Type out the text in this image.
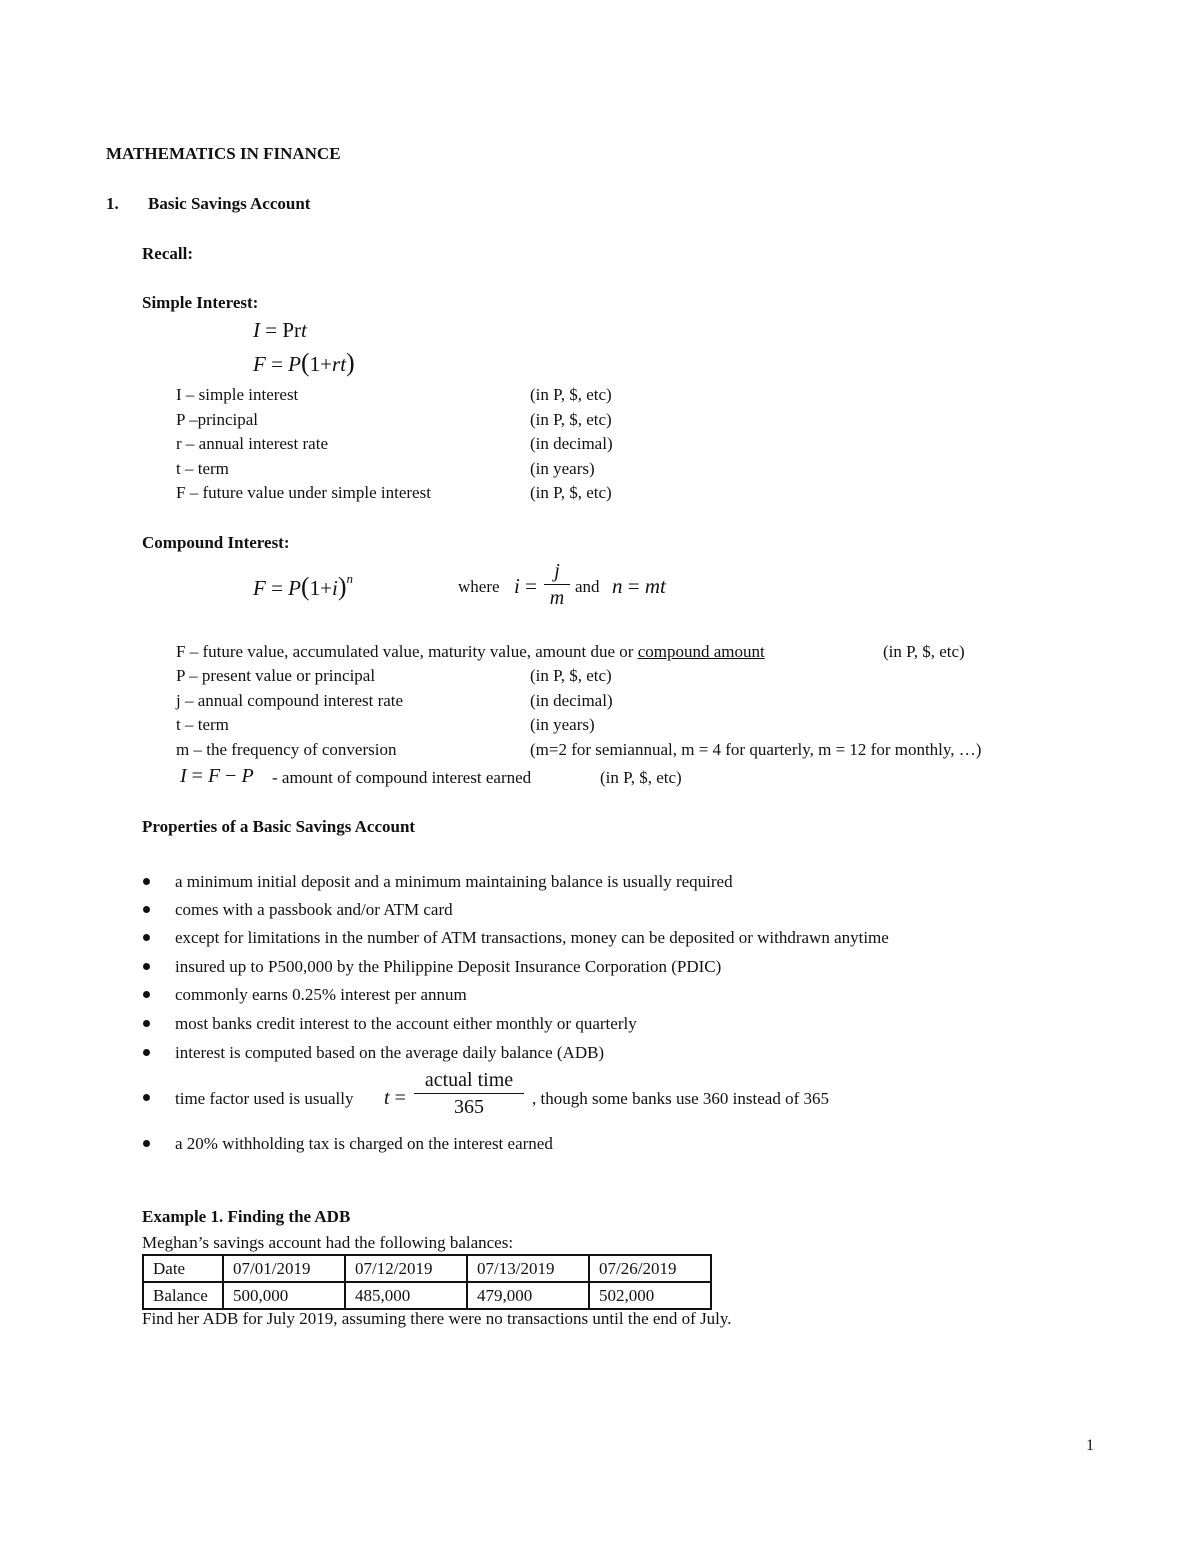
MATHEMATICS IN FINANCE
1. Basic Savings Account
Recall:
Simple Interest:
I = Prt
F = P(1+rt)
I – simple interest	(in P, $, etc)
P –principal	(in P, $, etc)
r – annual interest rate	(in decimal)
t – term	(in years)
F – future value under simple interest	(in P, $, etc)
Compound Interest:
$F = P(1+i)^n$	where i =
j
m
and n = mt
F – future value, accumulated value, maturity value, amount due or compound amount	(in P, $, etc)
P – present value or principal	(in P, $, etc)
j – annual compound interest rate	(in decimal)
t – term	(in years)
m – the frequency of conversion	(m=2 for semiannual, m = 4 for quarterly, m = 12 for monthly, …)
I = F − P - amount of compound interest earned	(in P, $, etc)
Properties of a Basic Savings Account
a minimum initial deposit and a minimum maintaining balance is usually required
comes with a passbook and/or ATM card
except for limitations in the number of ATM transactions, money can be deposited or withdrawn anytime
insured up to P500,000 by the Philippine Deposit Insurance Corporation (PDIC)
commonly earns 0.25% interest per annum
most banks credit interest to the account either monthly or quarterly
interest is computed based on the average daily balance (ADB)
time factor used is usually t =
actual time
365	, though some banks use 360 instead of 365
a 20% withholding tax is charged on the interest earned
Example 1. Finding the ADB
Meghan’s savings account had the following balances:
Date	07/01/2019	07/12/2019	07/13/2019	07/26/2019
Balance	500,000	485,000	479,000	502,000
Find her ADB for July 2019, assuming there were no transactions until the end of July.
1
